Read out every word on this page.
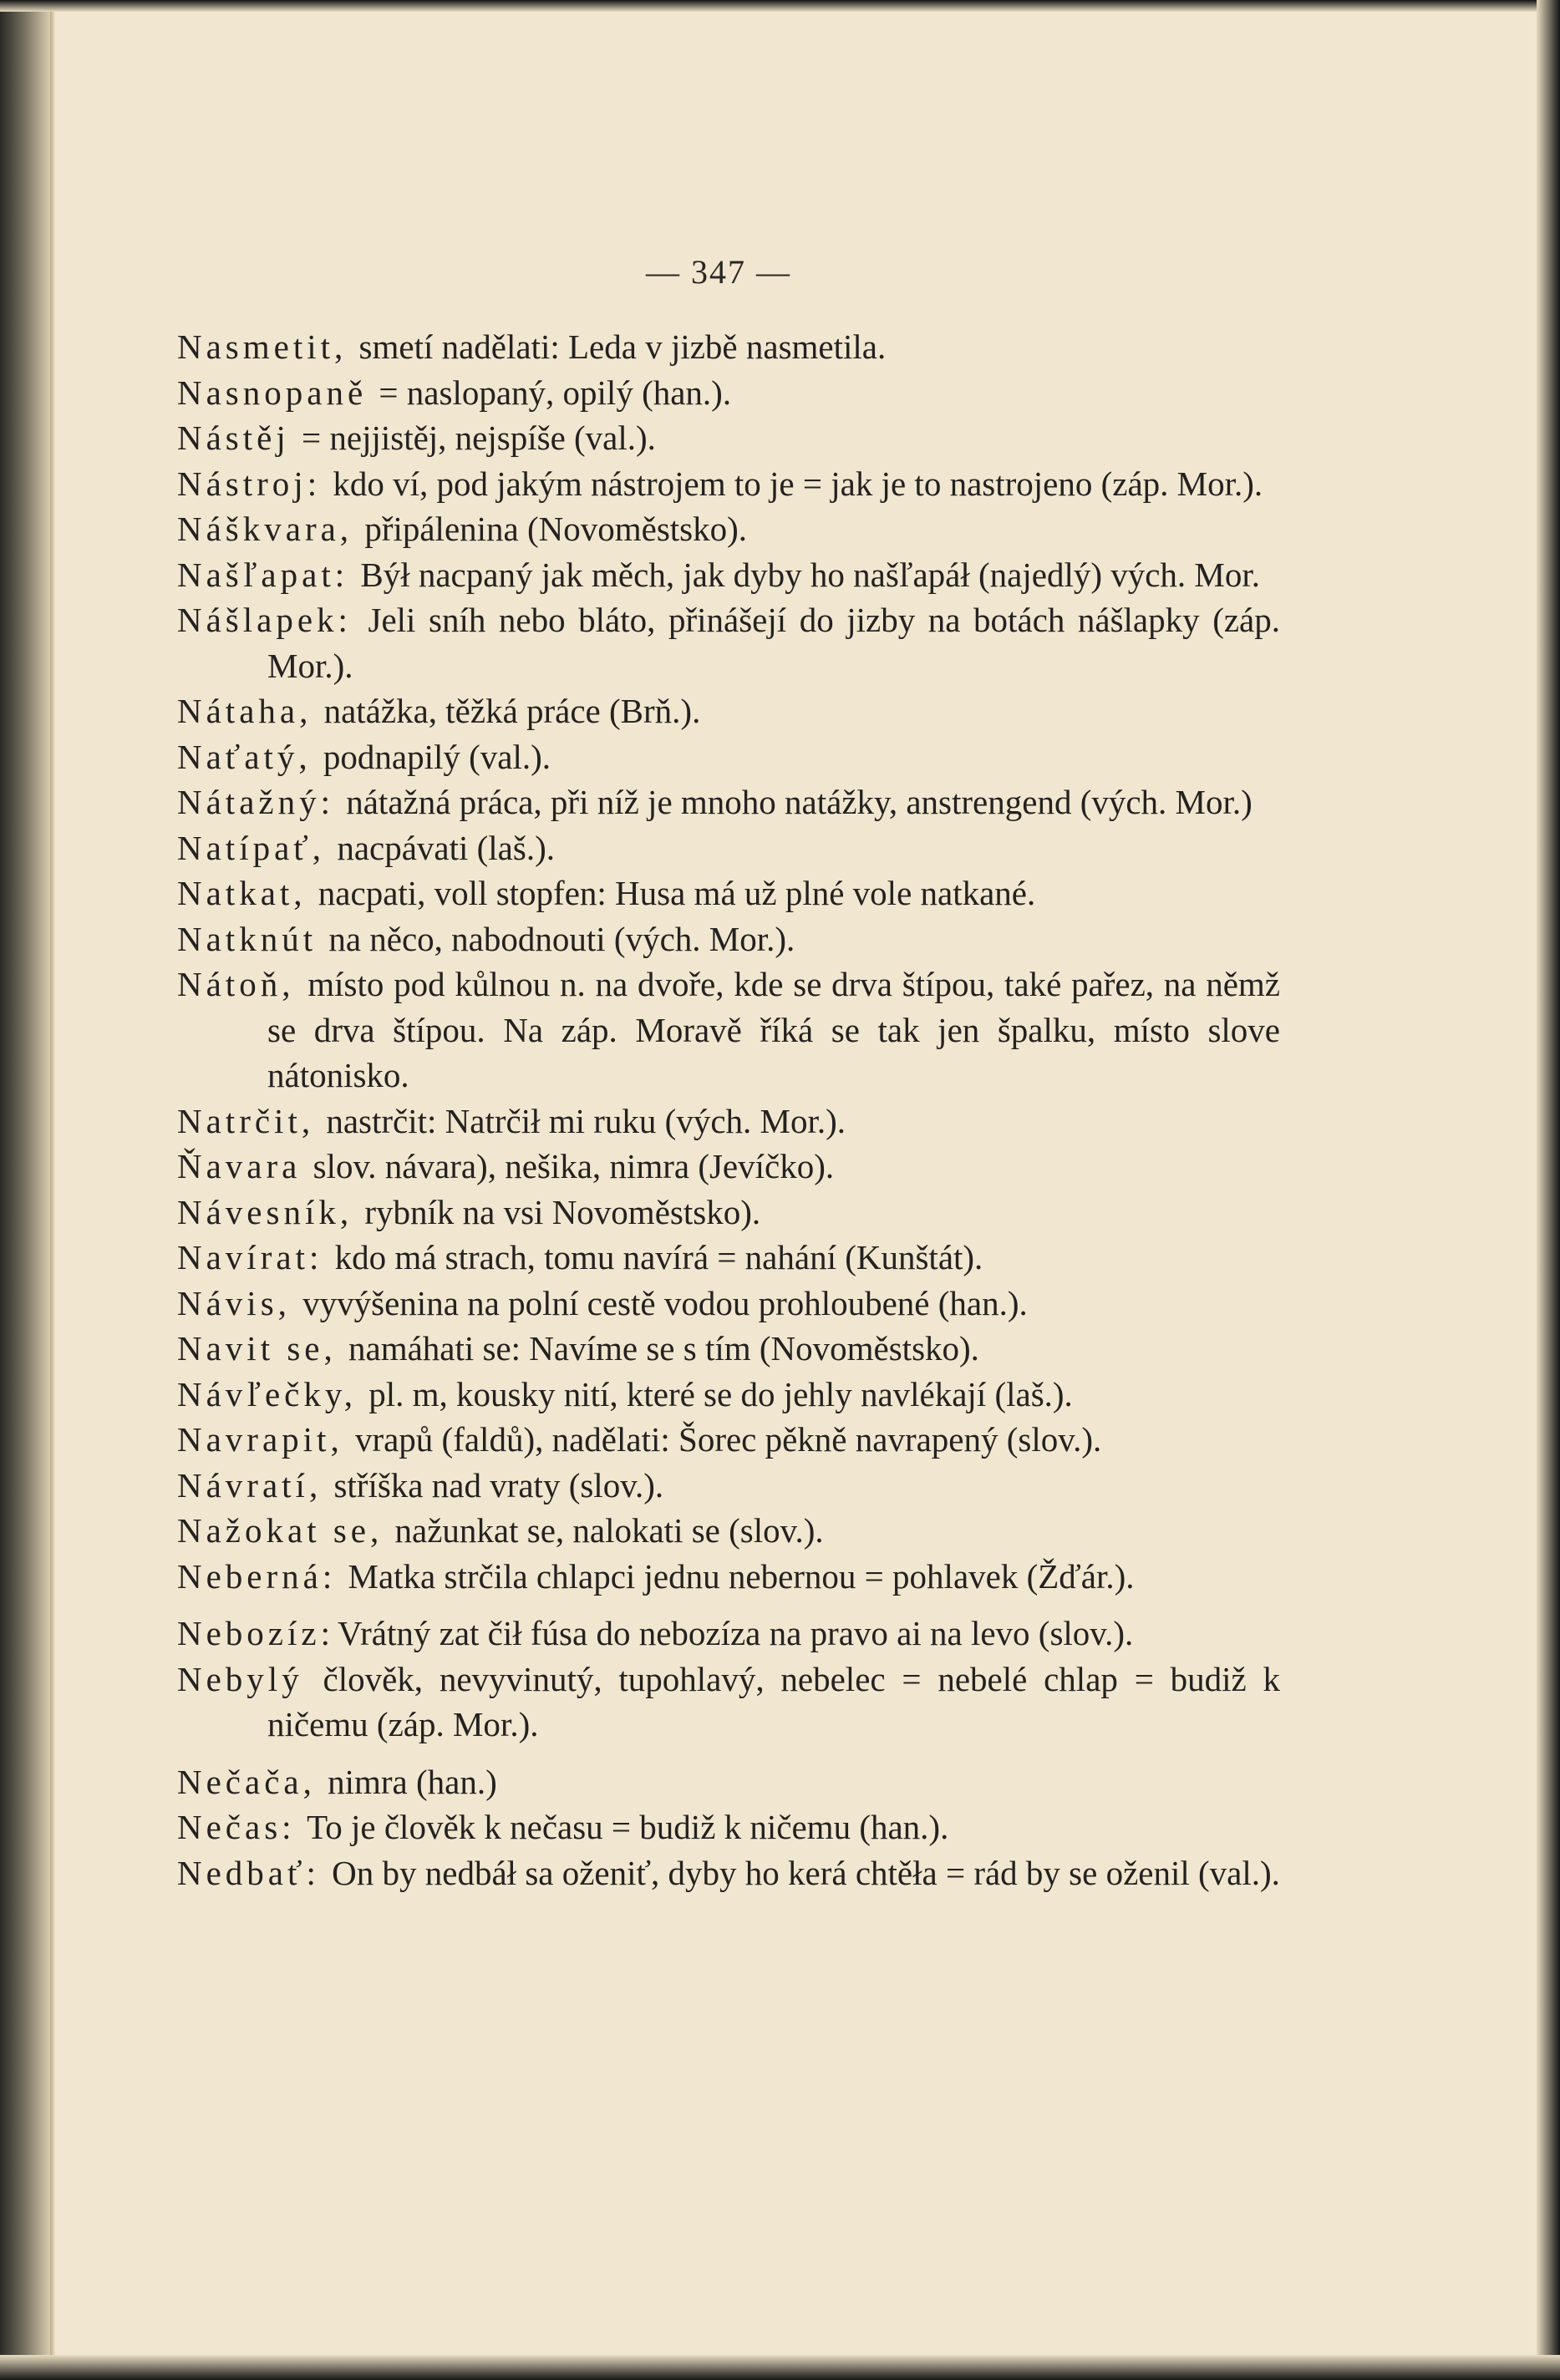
— 347 —
Nasmetit, smetí nadělati: Leda v jizbě nasmetila.
Nasnopaně = naslopaný, opilý (han.).
Nástěj = nejjistěj, nejspíše (val.).
Nástroj: kdo ví, pod jakým nástrojem to je = jak je to nastrojeno (záp. Mor.).
Náškvara, připálenina (Novoměstsko).
Našľapat: Býł nacpaný jak měch, jak dyby ho našľapáł (najedlý) vých. Mor.
Nášlapek: Jeli sníh nebo bláto, přinášejí do jizby na botách nášlapky (záp. Mor.).
Nátaha, natážka, těžká práce (Brň.).
Naťatý, podnapilý (val.).
Nátažný: nátažná práca, při níž je mnoho natážky, anstrengend (vých. Mor.)
Natípať, nacpávati (laš.).
Natkat, nacpati, voll stopfen: Husa má už plné vole natkané.
Natknút na něco, nabodnouti (vých. Mor.).
Nátoň, místo pod kůlnou n. na dvoře, kde se drva štípou, také pařez, na němž se drva štípou. Na záp. Moravě říká se tak jen špalku, místo slove nátonisko.
Natrčit, nastrčit: Natrčił mi ruku (vých. Mor.).
Ňavara slov. návara), nešika, nimra (Jevíčko).
Návesník, rybník na vsi Novoměstsko).
Navírat: kdo má strach, tomu navírá = nahání (Kunštát).
Návis, vyvýšenina na polní cestě vodou prohloubené (han.).
Navit se, namáhati se: Navíme se s tím (Novoměstsko).
Návľečky, pl. m, kousky nití, které se do jehly navlékají (laš.).
Navrapit, vrapů (faldů), nadělati: Šorec pěkně navrapený (slov.).
Návratí, stříška nad vraty (slov.).
Nažokat se, nažunkat se, nalokati se (slov.).
Neberná: Matka strčila chlapci jednu nebernou = pohlavek (Žďár.).
Nebozíz:Vrátný zat čił fúsa do nebozíza na pravo ai na levo (slov.).
Nebylý člověk, nevyvinutý, tupohlavý, nebelec = nebelé chlap = budiž k ničemu (záp. Mor.).
Nečača, nimra (han.)
Nečas: To je člověk k nečasu = budiž k ničemu (han.).
Nedbať: On by nedbáł sa oženiť, dyby ho kerá chtěła = rád by se oženil (val.).
